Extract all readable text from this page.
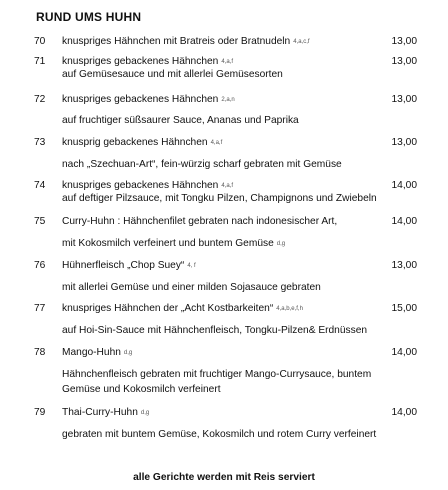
RUND UMS HUHN
70 knuspriges Hähnchen mit Bratreis oder Bratnudeln 4,a,c,f	13,00
71 knuspriges gebackenes Hähnchen 4,a,f	13,00
auf Gemüsesauce und mit allerlei Gemüsesorten
72 knuspriges gebackenes Hähnchen 2,a,n	13,00
auf fruchtiger süßsaurer Sauce, Ananas und Paprika
73 knusprig gebackenes Hähnchen 4,a,f	13,00
nach „Szechuan-Art“, fein-würzig scharf gebraten mit Gemüse
74 knuspriges gebackenes Hähnchen 4,a,f	14,00
auf deftiger Pilzsauce, mit Tongku Pilzen, Champignons und Zwiebeln
75 Curry-Huhn : Hähnchenfilet gebraten nach indonesischer Art,	14,00
mit Kokosmilch verfeinert und buntem Gemüse d,g
76 Hühnerfleisch „Chop Suey“ 4, f	13,00
mit allerlei Gemüse und einer milden Sojasauce gebraten
77 knuspriges Hähnchen der „Acht Kostbarkeiten“ 4,a,b,e,f,h	15,00
auf Hoi-Sin-Sauce mit Hähnchenfleisch, Tongku-Pilzen& Erdnüssen
78 Mango-Huhn d,g	14,00
Hähnchenfleisch gebraten mit fruchtiger Mango-Currysauce, buntem
Gemüse und Kokosmilch verfeinert
79 Thai-Curry-Huhn d,g	14,00
gebraten mit buntem Gemüse, Kokosmilch und rotem Curry verfeinert
alle Gerichte werden mit Reis serviert
